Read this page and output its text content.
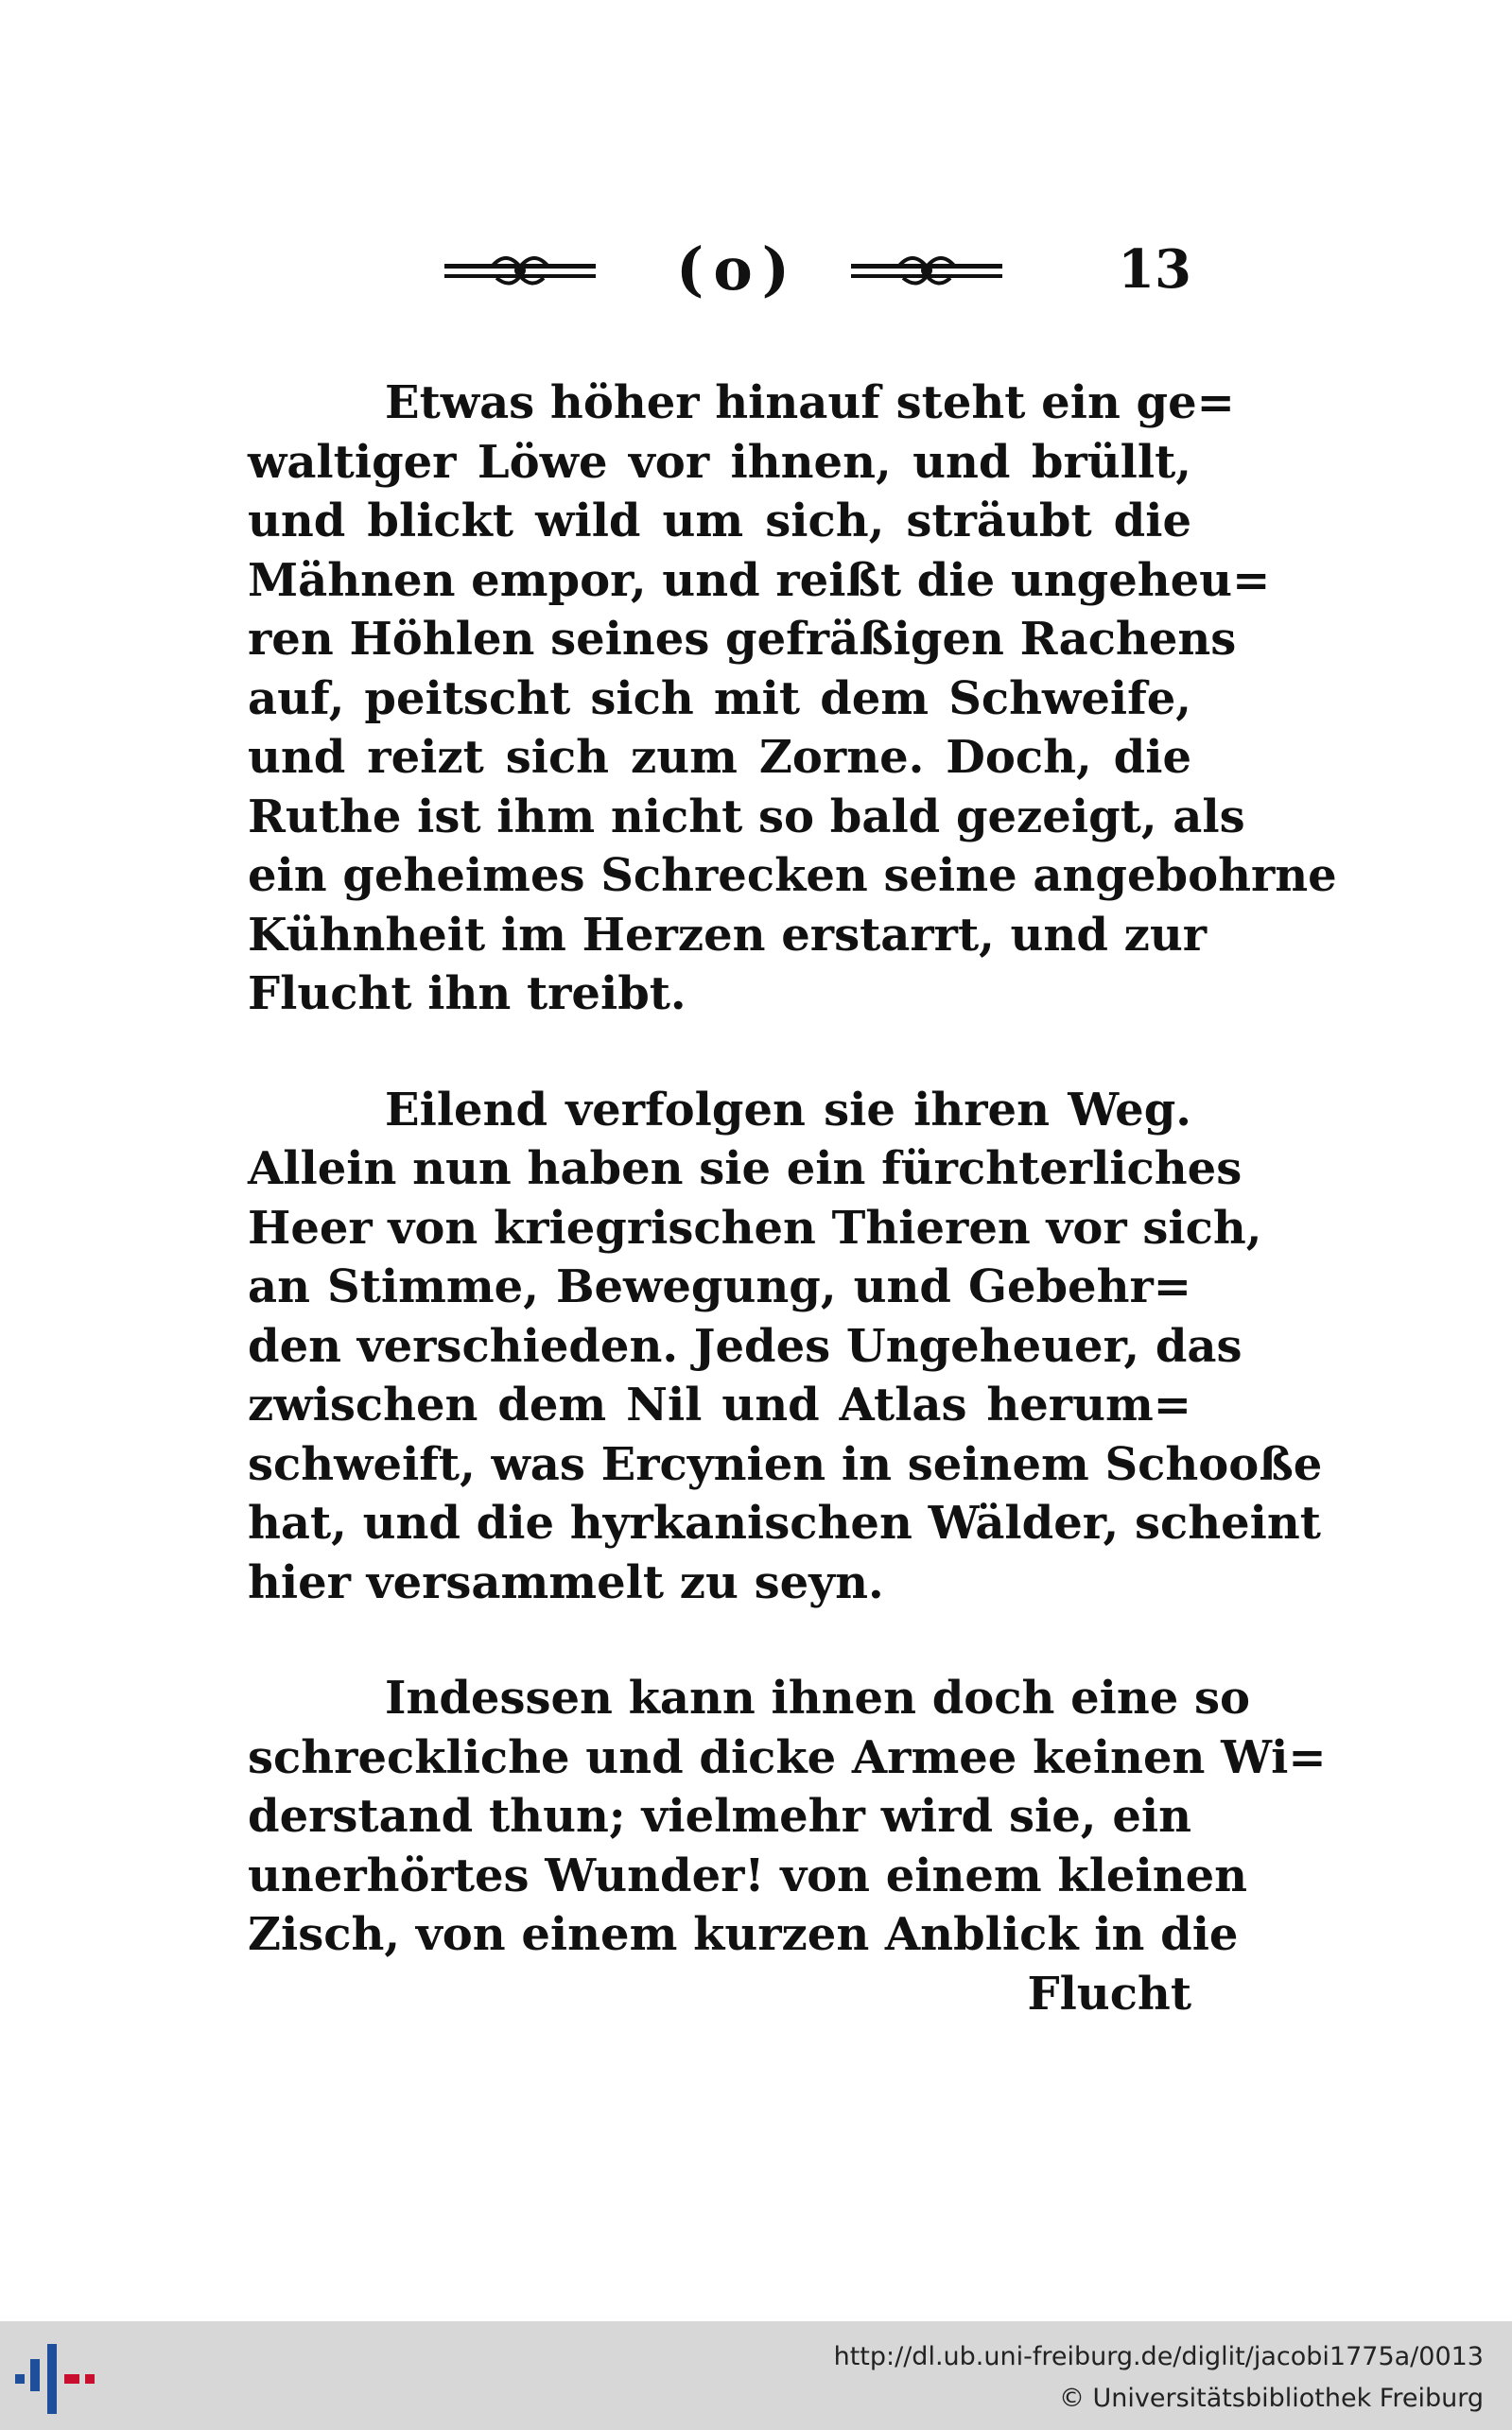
(o)	13
Etwas höher hinauf steht ein ge=
waltiger Löwe vor ihnen, und brüllt,
und blickt wild um sich, sträubt die
Mähnen empor, und reißt die ungeheu=
ren Höhlen seines gefräßigen Rachens
auf, peitscht sich mit dem Schweife,
und reizt sich zum Zorne. Doch, die
Ruthe ist ihm nicht so bald gezeigt, als
ein geheimes Schrecken seine angebohrne
Kühnheit im Herzen erstarrt, und zur
Flucht ihn treibt.
Eilend verfolgen sie ihren Weg.
Allein nun haben sie ein fürchterliches
Heer von kriegrischen Thieren vor sich,
an Stimme, Bewegung, und Gebehr=
den verschieden. Jedes Ungeheuer, das
zwischen dem Nil und Atlas herum=
schweift, was Ercynien in seinem Schooße
hat, und die hyrkanischen Wälder, scheint
hier versammelt zu seyn.
Indessen kann ihnen doch eine so
schreckliche und dicke Armee keinen Wi=
derstand thun; vielmehr wird sie, ein
unerhörtes Wunder! von einem kleinen
Zisch, von einem kurzen Anblick in die
Flucht
http://dl.ub.uni-freiburg.de/diglit/jacobi1775a/0013
© Universitätsbibliothek Freiburg
